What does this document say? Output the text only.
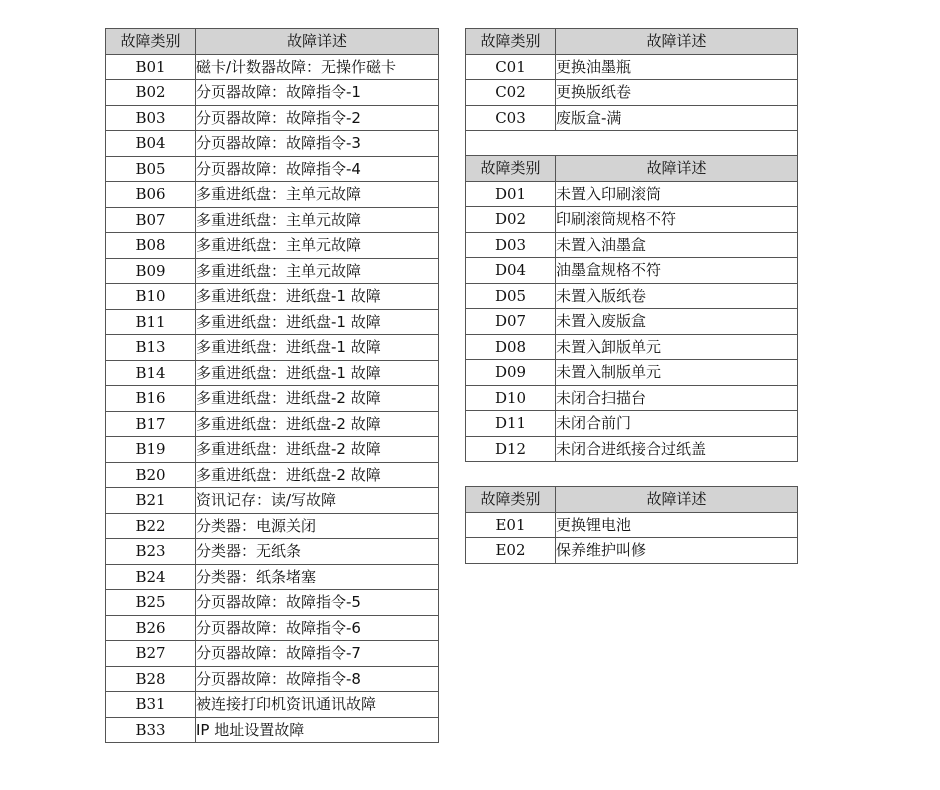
故障类别	故障详述
B01	磁卡/计数器故障：无操作磁卡
B02	分页器故障：故障指令-1
B03	分页器故障：故障指令-2
B04	分页器故障：故障指令-3
B05	分页器故障：故障指令-4
B06	多重进纸盘：主单元故障
B07	多重进纸盘：主单元故障
B08	多重进纸盘：主单元故障
B09	多重进纸盘：主单元故障
B10	多重进纸盘：进纸盘-1 故障
B11	多重进纸盘：进纸盘-1 故障
B13	多重进纸盘：进纸盘-1 故障
B14	多重进纸盘：进纸盘-1 故障
B16	多重进纸盘：进纸盘-2 故障
B17	多重进纸盘：进纸盘-2 故障
B19	多重进纸盘：进纸盘-2 故障
B20	多重进纸盘：进纸盘-2 故障
B21	资讯记存：读/写故障
B22	分类器：电源关闭
B23	分类器：无纸条
B24	分类器：纸条堵塞
B25	分页器故障：故障指令-5
B26	分页器故障：故障指令-6
B27	分页器故障：故障指令-7
B28	分页器故障：故障指令-8
B31	被连接打印机资讯通讯故障
B33	IP 地址设置故障
故障类别	故障详述
C01	更换油墨瓶
C02	更换版纸卷
C03	废版盒-满

故障类别	故障详述
D01	未置入印刷滚筒
D02	印刷滚筒规格不符
D03	未置入油墨盒
D04	油墨盒规格不符
D05	未置入版纸卷
D07	未置入废版盒
D08	未置入卸版单元
D09	未置入制版单元
D10	未闭合扫描台
D11	未闭合前门
D12	未闭合进纸接合过纸盖
故障类别	故障详述
E01	更换锂电池
E02	保养维护叫修
